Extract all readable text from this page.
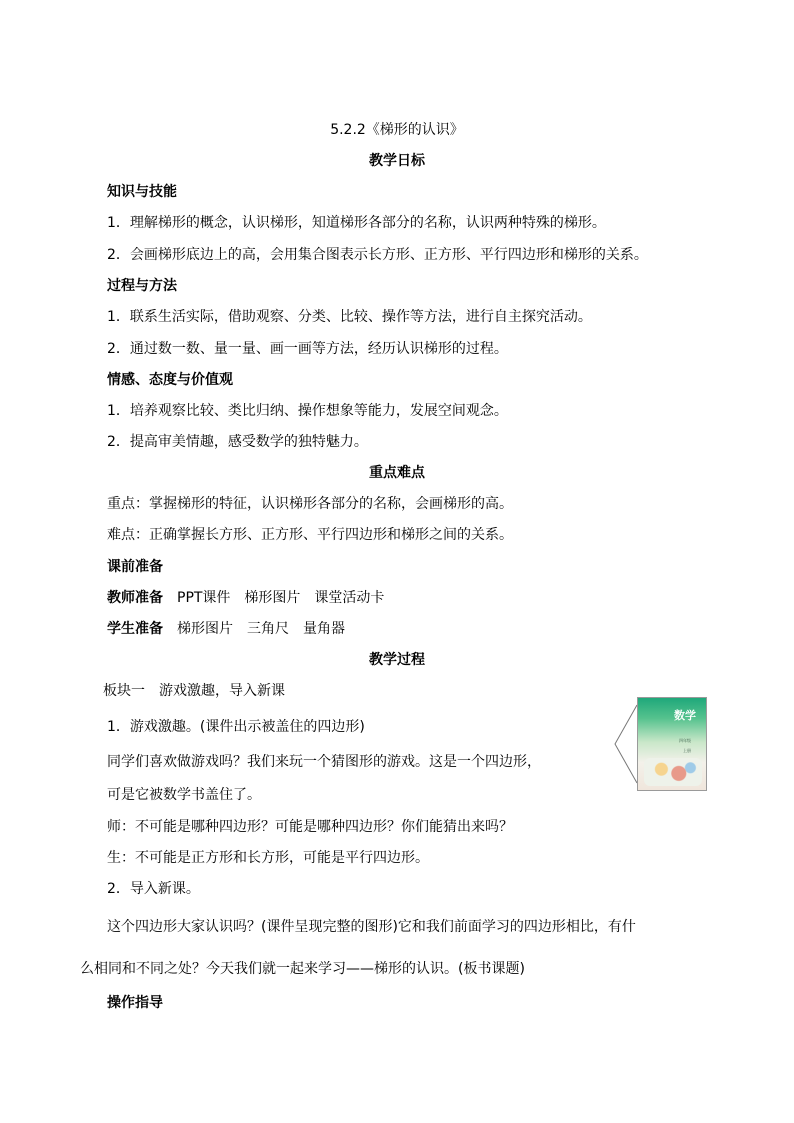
5.2.2《梯形的认识》
教学日标
知识与技能
1．理解梯形的概念，认识梯形，知道梯形各部分的名称，认识两种特殊的梯形。
2．会画梯形底边上的高，会用集合图表示长方形、正方形、平行四边形和梯形的关系。
过程与方法
1．联系生活实际，借助观察、分类、比较、操作等方法，进行自主探究活动。
2．通过数一数、量一量、画一画等方法，经历认识梯形的过程。
情感、态度与价值观
1．培养观察比较、类比归纳、操作想象等能力，发展空间观念。
2．提高审美情趣，感受数学的独特魅力。
重点难点
重点：掌握梯形的特征，认识梯形各部分的名称，会画梯形的高。
难点：正确掌握长方形、正方形、平行四边形和梯形之间的关系。
课前准备
教师准备　 PPT课件　梯形图片　课堂活动卡
学生准备　 梯形图片　三角尺　量角器
教学过程
板块一　游戏激趣，导入新课
1．游戏激趣。(课件出示被盖住的四边形)
同学们喜欢做游戏吗？我们来玩一个猜图形的游戏。这是一个四边形，
可是它被数学书盖住了。
师：不可能是哪种四边形？可能是哪种四边形？你们能猜出来吗？
生：不可能是正方形和长方形，可能是平行四边形。
2．导入新课。
这个四边形大家认识吗？(课件呈现完整的图形)它和我们前面学习的四边形相比，有什
么相同和不同之处？今天我们就一起来学习——梯形的认识。(板书课题)
操作指导
数学
四年级
上册
